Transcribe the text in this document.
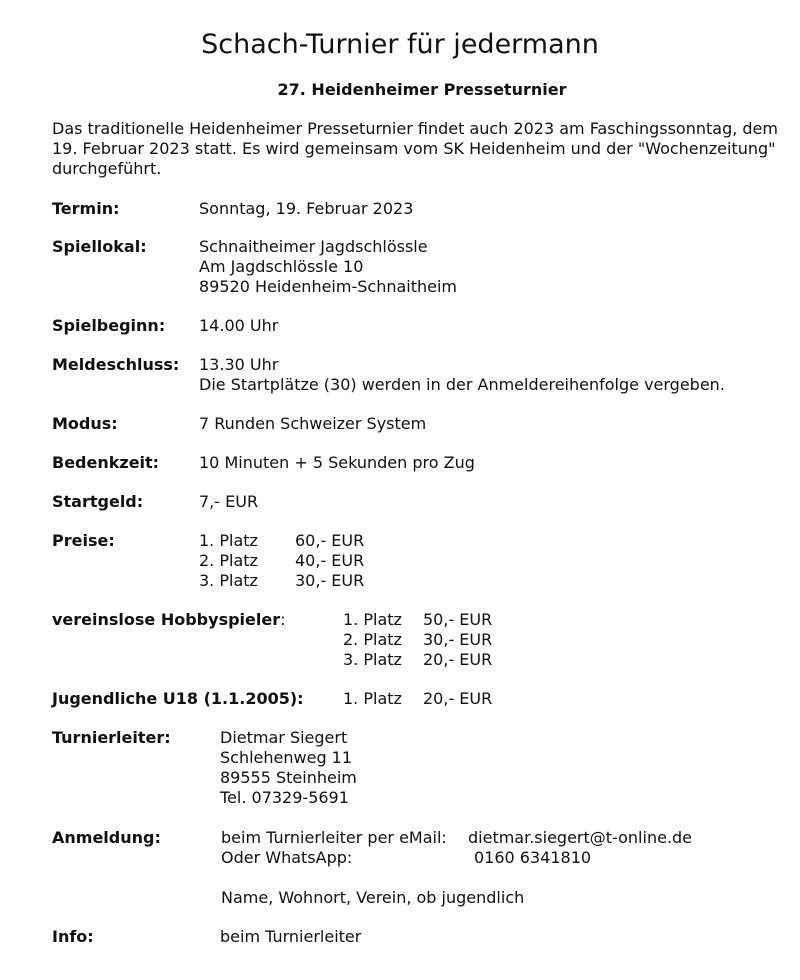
Schach-Turnier für jedermann
27. Heidenheimer Presseturnier
Das traditionelle Heidenheimer Presseturnier findet auch 2023 am Faschingssonntag, dem 19. Februar 2023 statt. Es wird gemeinsam vom SK Heidenheim und der "Wochenzeitung" durchgeführt.
Termin:	Sonntag, 19. Februar 2023
Spiellokal:	Schnaitheimer Jagdschlössle
Am Jagdschlössle 10
89520 Heidenheim-Schnaitheim
Spielbeginn: 14.00 Uhr
Meldeschluss: 13.30 Uhr
Die Startplätze (30) werden in der Anmeldereihenfolge vergeben.
Modus:	7 Runden Schweizer System
Bedenkzeit: 10 Minuten + 5 Sekunden pro Zug
Startgeld:	7,- EUR
Preise:	1. Platz 60,- EUR
2. Platz 40,- EUR
3. Platz 30,- EUR
vereinslose Hobbyspieler:	1. Platz 50,- EUR
2. Platz 30,- EUR
3. Platz 20,- EUR
Jugendliche U18 (1.1.2005): 1. Platz 20,- EUR
Turnierleiter:	Dietmar Siegert
Schlehenweg 11
89555 Steinheim
Tel. 07329-5691
Anmeldung:	beim Turnierleiter per eMail: dietmar.siegert@t-online.de
Oder WhatsApp:	0160 6341810
Name, Wohnort, Verein, ob jugendlich
Info:	beim Turnierleiter
